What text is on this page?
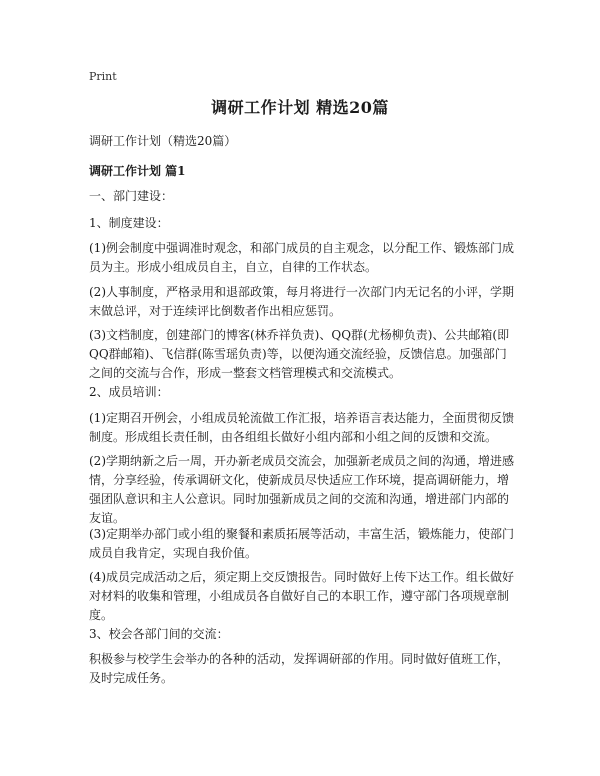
Print
调研工作计划 精选20篇
调研工作计划（精选20篇）
调研工作计划 篇1
一、部门建设：
1、制度建设：
(1)例会制度中强调准时观念，和部门成员的自主观念，以分配工作、锻炼部门成员为主。形成小组成员自主，自立，自律的工作状态。
(2)人事制度，严格录用和退部政策，每月将进行一次部门内无记名的小评，学期末做总评，对于连续评比倒数者作出相应惩罚。
(3)文档制度，创建部门的博客(林乔祥负责)、QQ群(尤杨柳负责)、公共邮箱(即QQ群邮箱)、飞信群(陈雪瑶负责)等，以便沟通交流经验，反馈信息。加强部门之间的交流与合作，形成一整套文档管理模式和交流模式。
2、成员培训：
(1)定期召开例会，小组成员轮流做工作汇报，培养语言表达能力，全面贯彻反馈制度。形成组长责任制，由各组组长做好小组内部和小组之间的反馈和交流。
(2)学期纳新之后一周，开办新老成员交流会，加强新老成员之间的沟通，增进感情，分享经验，传承调研文化，使新成员尽快适应工作环境，提高调研能力，增强团队意识和主人公意识。同时加强新成员之间的交流和沟通，增进部门内部的友谊。
(3)定期举办部门或小组的聚餐和素质拓展等活动，丰富生活，锻炼能力，使部门成员自我肯定，实现自我价值。
(4)成员完成活动之后，须定期上交反馈报告。同时做好上传下达工作。组长做好对材料的收集和管理，小组成员各自做好自己的本职工作，遵守部门各项规章制度。
3、校会各部门间的交流：
积极参与校学生会举办的各种的活动，发挥调研部的作用。同时做好值班工作，及时完成任务。
